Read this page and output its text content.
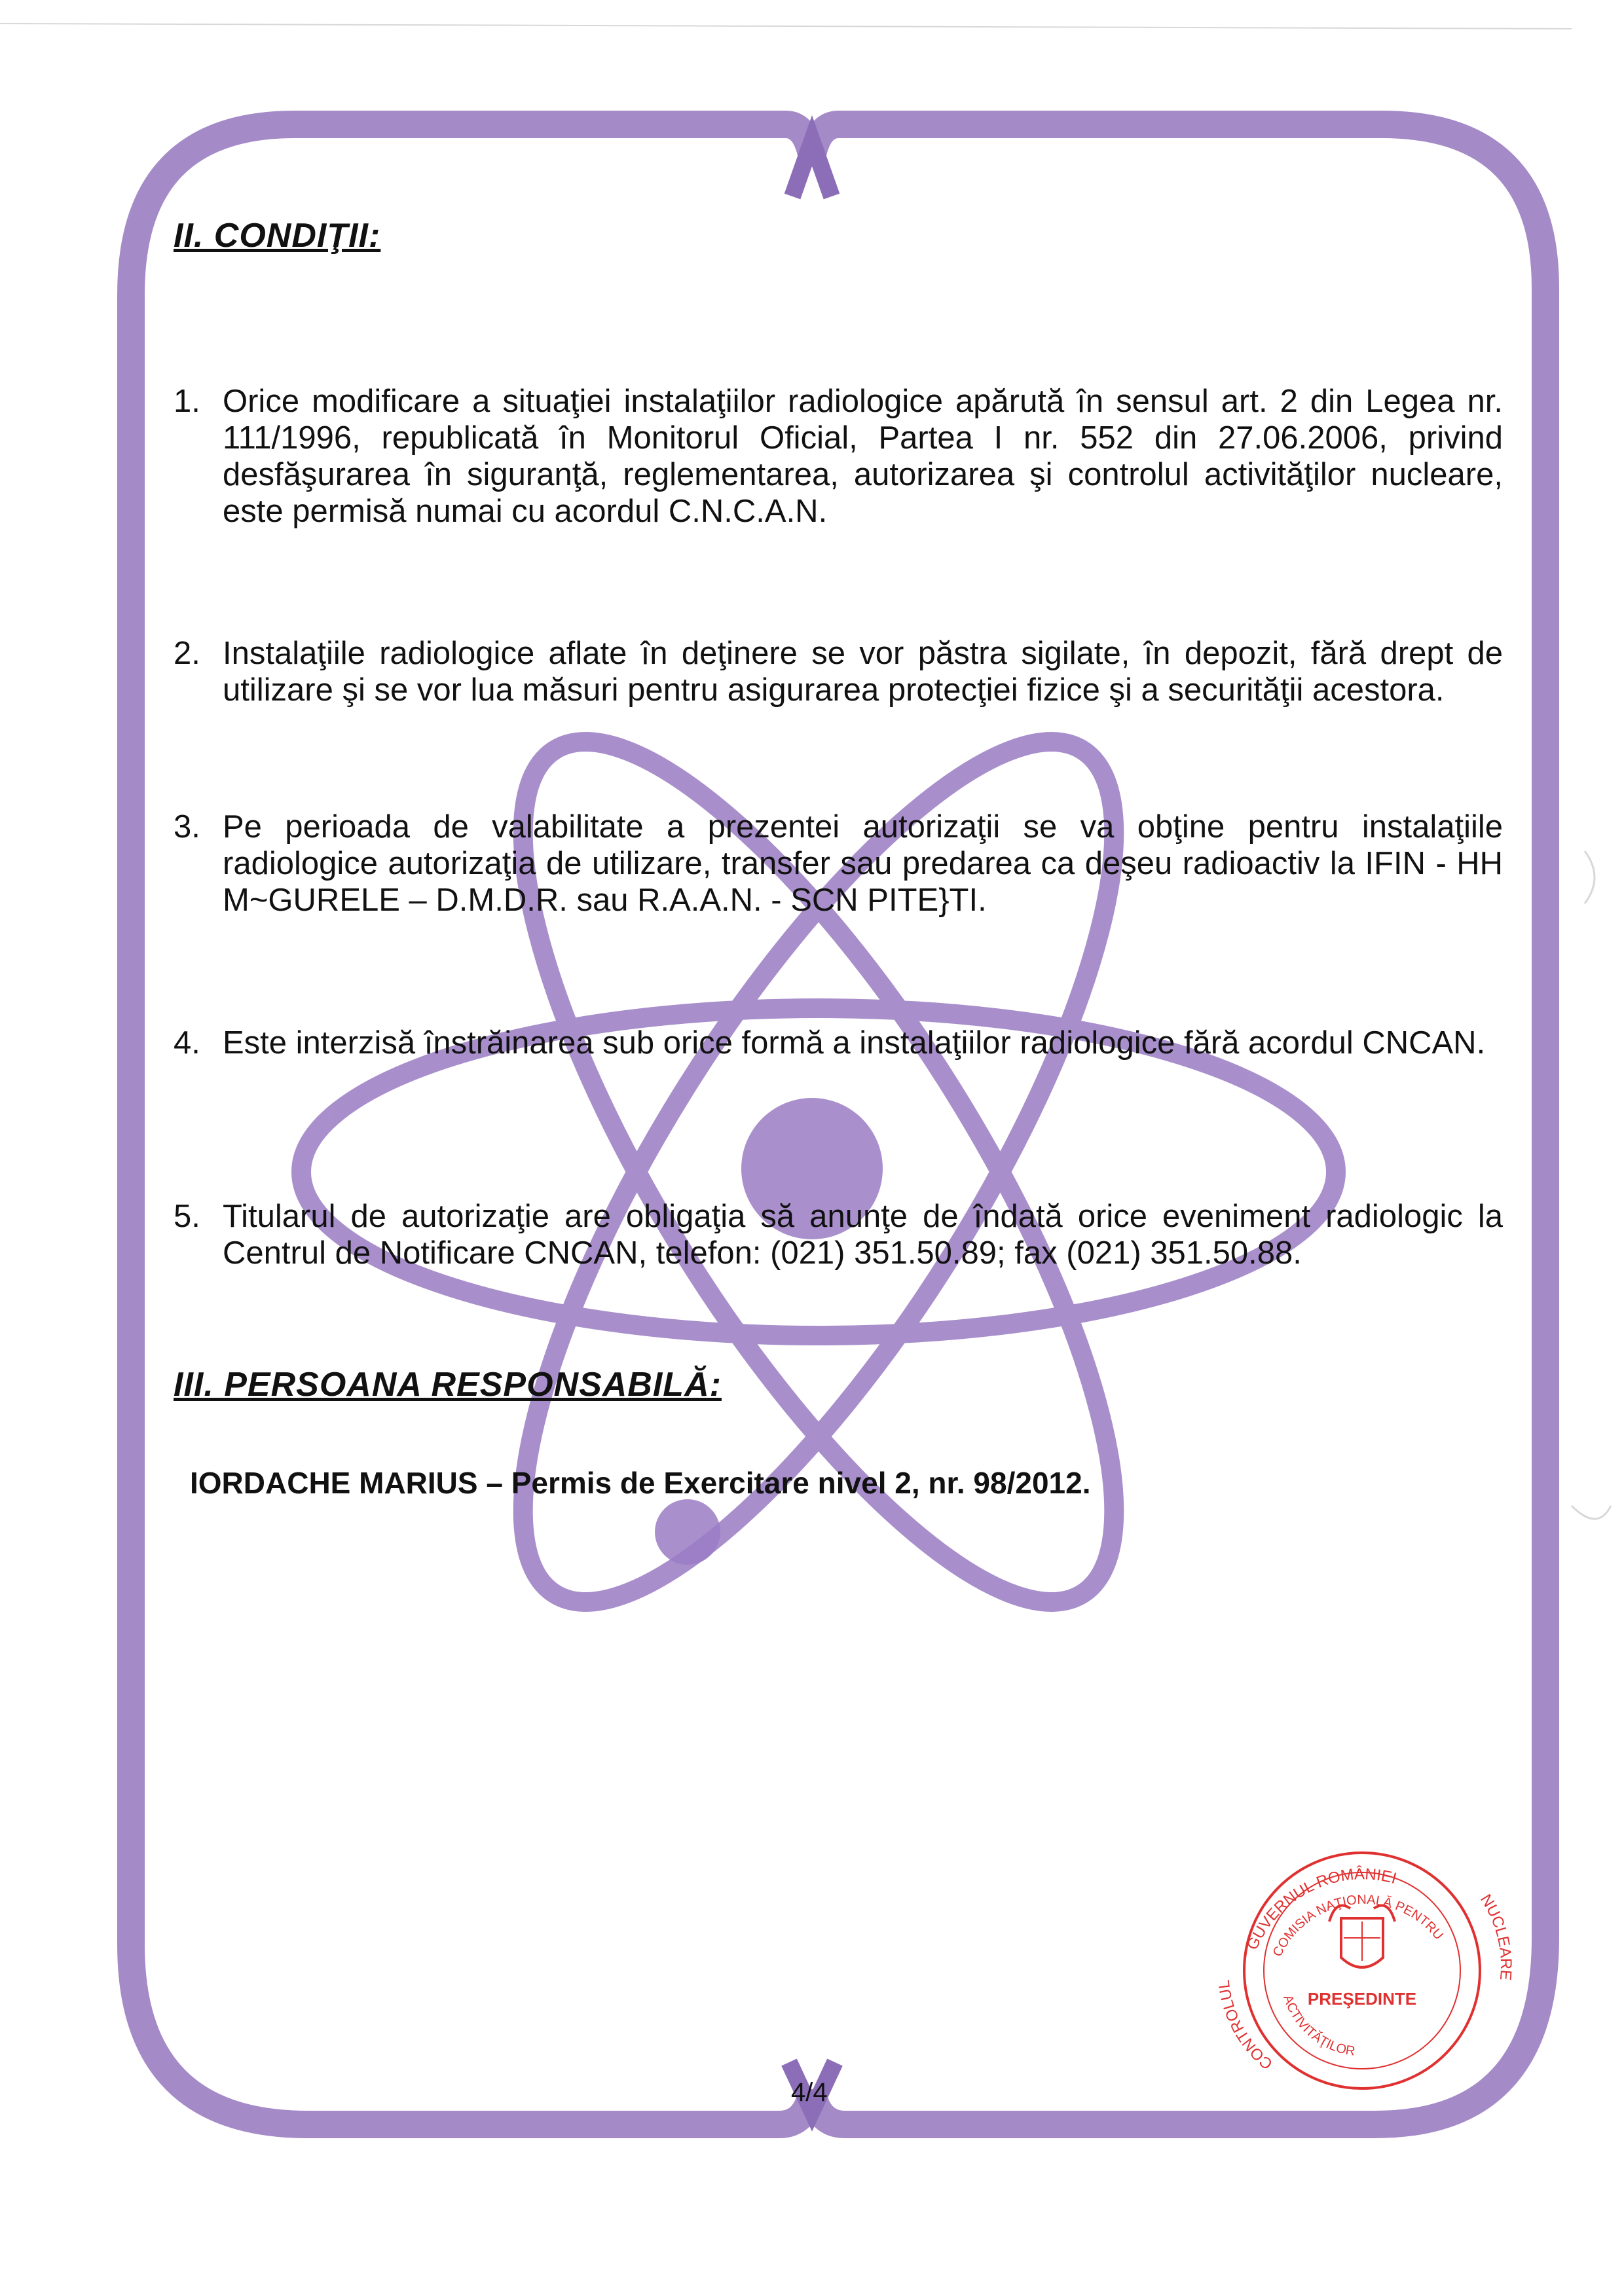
II. CONDIŢII:
1. Orice modificare a situaţiei instalaţiilor radiologice apărută în sensul art. 2 din Legea nr. 111/1996, republicată în Monitorul Oficial, Partea I nr. 552 din 27.06.2006, privind desfăşurarea în siguranţă, reglementarea, autorizarea şi controlul activităţilor nucleare, este permisă numai cu acordul C.N.C.A.N.
2. Instalaţiile radiologice aflate în deţinere se vor păstra sigilate, în depozit, fără drept de utilizare şi se vor lua măsuri pentru asigurarea protecţiei fizice şi a securităţii acestora.
3. Pe perioada de valabilitate a prezentei autorizaţii se va obţine pentru instalaţiile radiologice autorizaţia de utilizare, transfer sau predarea ca deşeu radioactiv la IFIN - HH M~GURELE – D.M.D.R. sau R.A.A.N. - SCN PITE}TI.
4. Este interzisă înstrăinarea sub orice formă a instalaţiilor radiologice fără acordul CNCAN.
5. Titularul de autorizaţie are obligaţia să anunţe de îndată orice eveniment radiologic la Centrul de Notificare CNCAN, telefon: (021) 351.50.89; fax (021) 351.50.88.
III. PERSOANA RESPONSABILĂ:
IORDACHE MARIUS – Permis de Exercitare nivel 2, nr. 98/2012.
4/4
GUVERNUL ROMÂNIEI
CONTROLUL
NUCLEARE
COMISIA NAŢIONALĂ PENTRU
ACTIVITĂŢILOR
PREŞEDINTE
